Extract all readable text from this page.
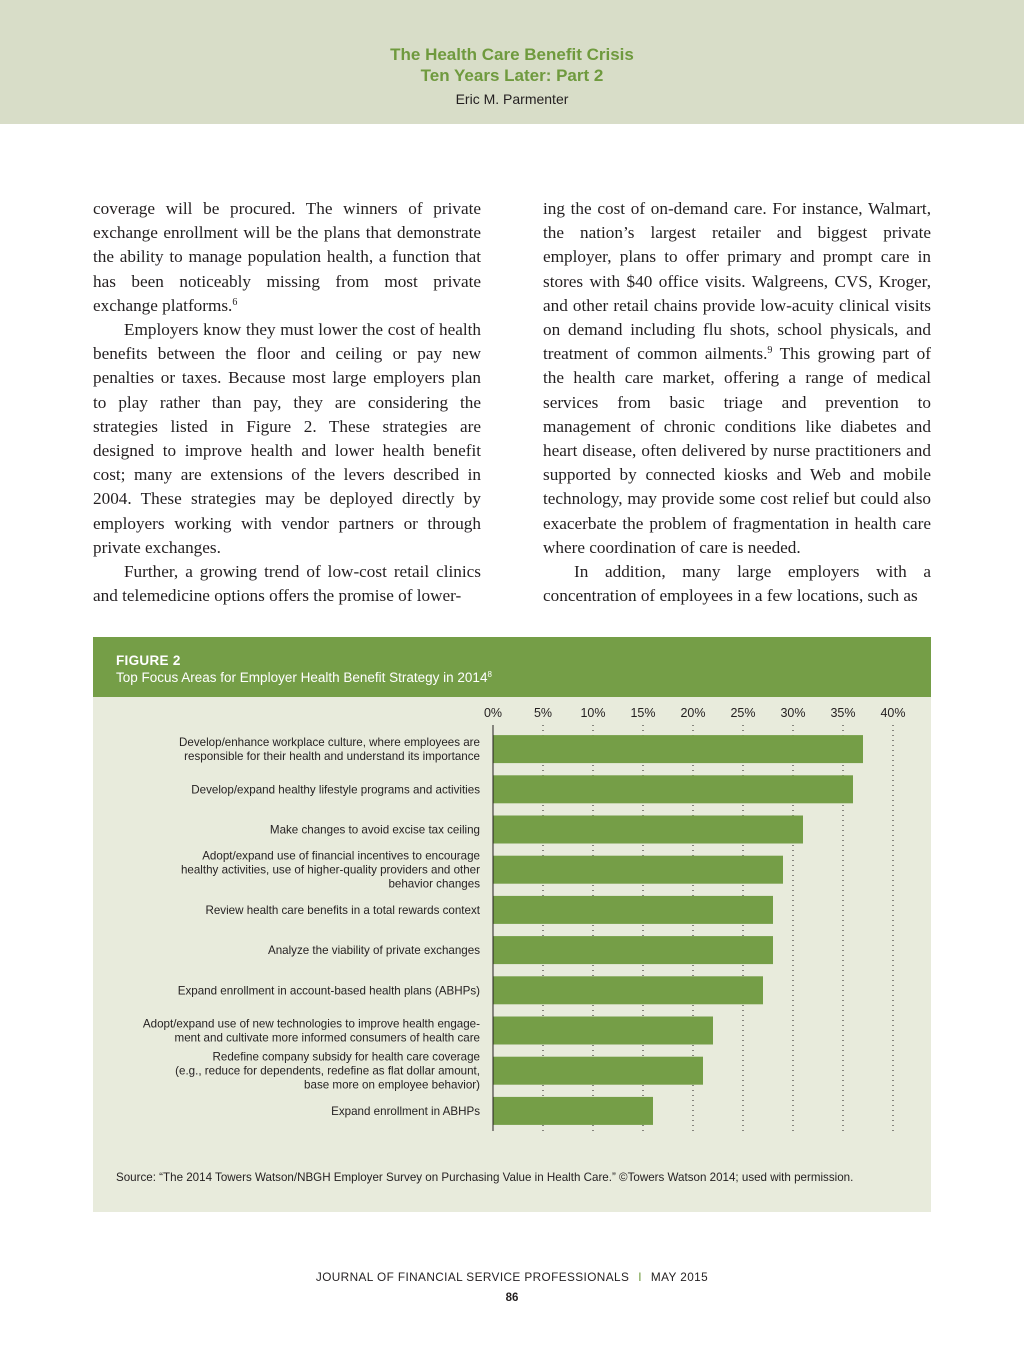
The Health Care Benefit Crisis
Ten Years Later: Part 2
Eric M. Parmenter

coverage will be procured. The winners of private exchange enrollment will be the plans that demonstrate the ability to manage population health, a function that has been noticeably missing from most private exchange platforms.$^6$

Employers know they must lower the cost of health benefits between the floor and ceiling or pay new penalties or taxes. Because most large employers plan to play rather than pay, they are considering the strategies listed in Figure 2. These strategies are designed to improve health and lower health benefit cost; many are extensions of the levers described in 2004. These strategies may be deployed directly by employers working with vendor partners or through private exchanges.

Further, a growing trend of low-cost retail clinics and telemedicine options offers the promise of lower-

ing the cost of on-demand care. For instance, Walmart, the nation’s largest retailer and biggest private employer, plans to offer primary and prompt care in stores with $40 office visits. Walgreens, CVS, Kroger, and other retail chains provide low-acuity clinical visits on demand including flu shots, school physicals, and treatment of common ailments.$^9$ This growing part of the health care market, offering a range of medical services from basic triage and prevention to management of chronic conditions like diabetes and heart disease, often delivered by nurse practitioners and supported by connected kiosks and Web and mobile technology, may provide some cost relief but could also exacerbate the problem of fragmentation in health care where coordination of care is needed.

In addition, many large employers with a concentration of employees in a few locations, such as

FIGURE 2
Top Focus Areas for Employer Health Benefit Strategy in 2014$^8$
0%	5% 10% 15% 20% 25% 30% 35% 40%
Develop/enhance workplace culture, where employees are
responsible for their health and understand its importance
Develop/expand healthy lifestyle programs and activities
Make changes to avoid excise tax ceiling
Adopt/expand use of financial incentives to encourage
healthy activities, use of higher-quality providers and other
behavior changes
Review health care benefits in a total rewards context
Analyze the viability of private exchanges
Expand enrollment in account-based health plans (ABHPs)
Adopt/expand use of new technologies to improve health engage-
ment and cultivate more informed consumers of health care
Redefine company subsidy for health care coverage
(e.g., reduce for dependents, redefine as flat dollar amount,
base more on employee behavior)
Expand enrollment in ABHPs
Source: “The 2014 Towers Watson/NBGH Employer Survey on Purchasing Value in Health Care.” ©Towers Watson 2014; used with permission.
JOURNAL OF FINANCIAL SERVICE PROFESSIONALS I MAY 2015
86
